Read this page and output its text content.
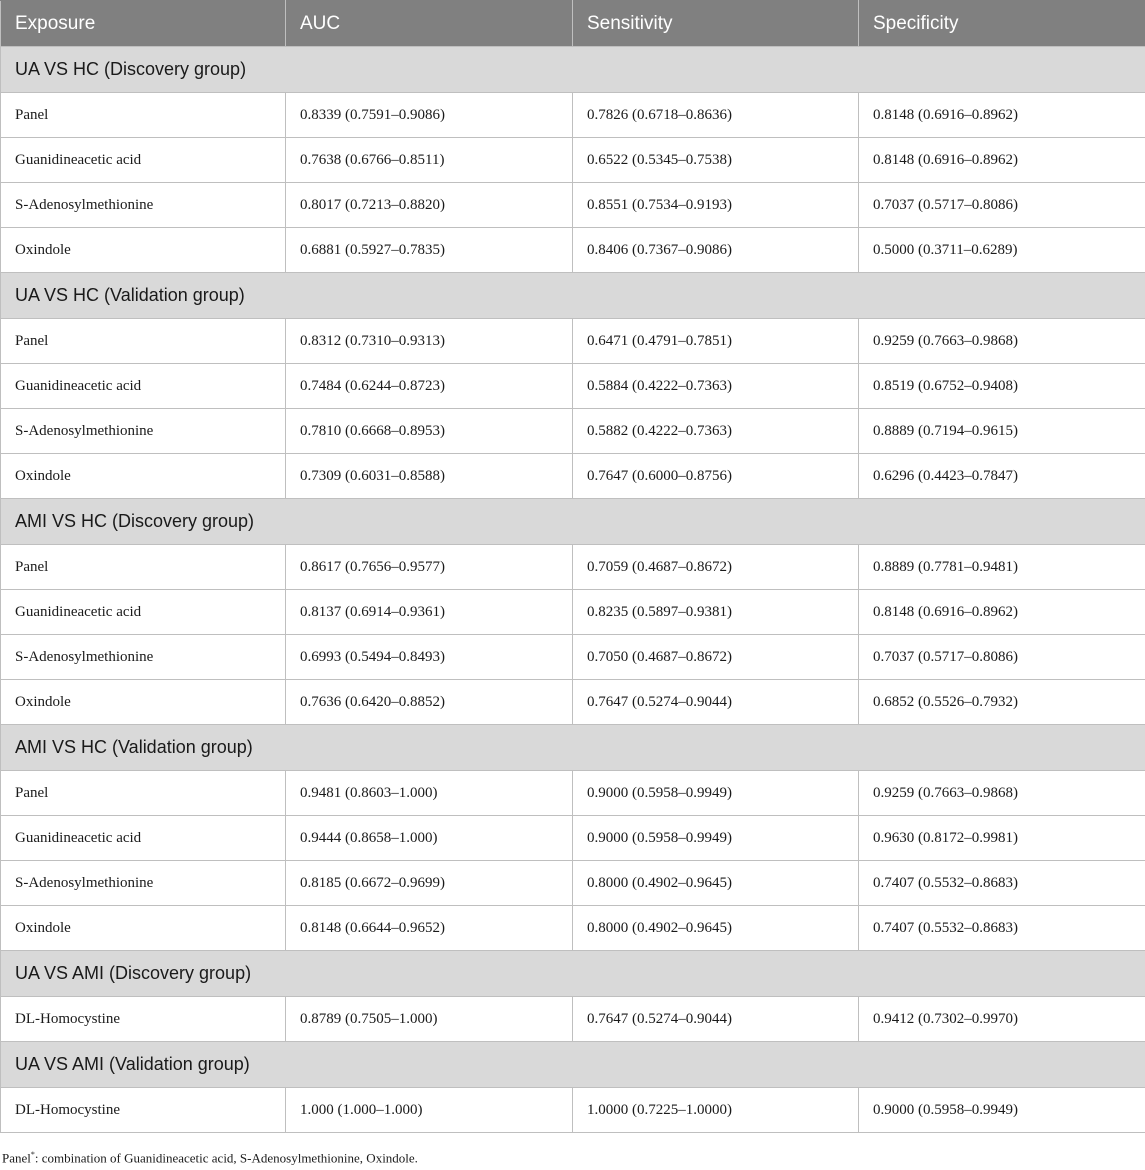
Exposure	AUC	Sensitivity	Specificity
UA VS HC (Discovery group)			
Panel	0.8339 (0.7591–0.9086)	0.7826 (0.6718–0.8636)	0.8148 (0.6916–0.8962)
Guanidineacetic acid	0.7638 (0.6766–0.8511)	0.6522 (0.5345–0.7538)	0.8148 (0.6916–0.8962)
S-Adenosylmethionine	0.8017 (0.7213–0.8820)	0.8551 (0.7534–0.9193)	0.7037 (0.5717–0.8086)
Oxindole	0.6881 (0.5927–0.7835)	0.8406 (0.7367–0.9086)	0.5000 (0.3711–0.6289)
UA VS HC (Validation group)			
Panel	0.8312 (0.7310–0.9313)	0.6471 (0.4791–0.7851)	0.9259 (0.7663–0.9868)
Guanidineacetic acid	0.7484 (0.6244–0.8723)	0.5884 (0.4222–0.7363)	0.8519 (0.6752–0.9408)
S-Adenosylmethionine	0.7810 (0.6668–0.8953)	0.5882 (0.4222–0.7363)	0.8889 (0.7194–0.9615)
Oxindole	0.7309 (0.6031–0.8588)	0.7647 (0.6000–0.8756)	0.6296 (0.4423–0.7847)
AMI VS HC (Discovery group)			
Panel	0.8617 (0.7656–0.9577)	0.7059 (0.4687–0.8672)	0.8889 (0.7781–0.9481)
Guanidineacetic acid	0.8137 (0.6914–0.9361)	0.8235 (0.5897–0.9381)	0.8148 (0.6916–0.8962)
S-Adenosylmethionine	0.6993 (0.5494–0.8493)	0.7050 (0.4687–0.8672)	0.7037 (0.5717–0.8086)
Oxindole	0.7636 (0.6420–0.8852)	0.7647 (0.5274–0.9044)	0.6852 (0.5526–0.7932)
AMI VS HC (Validation group)			
Panel	0.9481 (0.8603–1.000)	0.9000 (0.5958–0.9949)	0.9259 (0.7663–0.9868)
Guanidineacetic acid	0.9444 (0.8658–1.000)	0.9000 (0.5958–0.9949)	0.9630 (0.8172–0.9981)
S-Adenosylmethionine	0.8185 (0.6672–0.9699)	0.8000 (0.4902–0.9645)	0.7407 (0.5532–0.8683)
Oxindole	0.8148 (0.6644–0.9652)	0.8000 (0.4902–0.9645)	0.7407 (0.5532–0.8683)
UA VS AMI (Discovery group)			
DL-Homocystine	0.8789 (0.7505–1.000)	0.7647 (0.5274–0.9044)	0.9412 (0.7302–0.9970)
UA VS AMI (Validation group)			
DL-Homocystine	1.000 (1.000–1.000)	1.0000 (0.7225–1.0000)	0.9000 (0.5958–0.9949)
Panel*: combination of Guanidineacetic acid, S-Adenosylmethionine, Oxindole.
